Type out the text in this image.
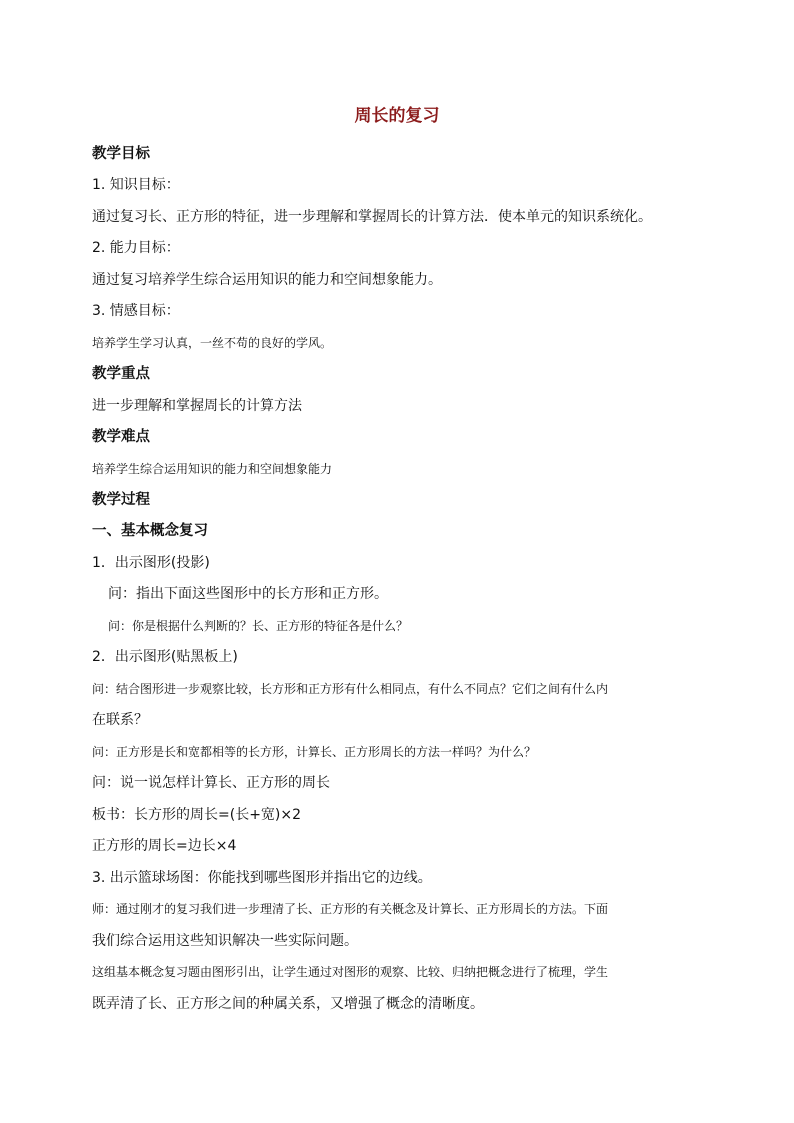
周长的复习
教学目标
1. 知识目标：
通过复习长、正方形的特征，进一步理解和掌握周长的计算方法．使本单元的知识系统化。
2. 能力目标：
通过复习培养学生综合运用知识的能力和空间想象能力。
3. 情感目标：
培养学生学习认真，一丝不苟的良好的学风。
教学重点
进一步理解和掌握周长的计算方法
教学难点
培养学生综合运用知识的能力和空间想象能力
教学过程
一、基本概念复习
1．出示图形(投影)
问：指出下面这些图形中的长方形和正方形。
问：你是根据什么判断的？长、正方形的特征各是什么？
2．出示图形(贴黑板上)
问：结合图形进一步观察比较，长方形和正方形有什么相同点，有什么不同点？它们之间有什么内
在联系？
问：正方形是长和宽都相等的长方形，计算长、正方形周长的方法一样吗？为什么？
问：说一说怎样计算长、正方形的周长
板书：长方形的周长=(长+宽)×2
正方形的周长=边长×4
3. 出示篮球场图：你能找到哪些图形并指出它的边线。
师：通过刚才的复习我们进一步理清了长、正方形的有关概念及计算长、正方形周长的方法。下面
我们综合运用这些知识解决一些实际问题。
这组基本概念复习题由图形引出，让学生通过对图形的观察、比较、归纳把概念进行了梳理，学生
既弄清了长、正方形之间的种属关系，又增强了概念的清晰度。
